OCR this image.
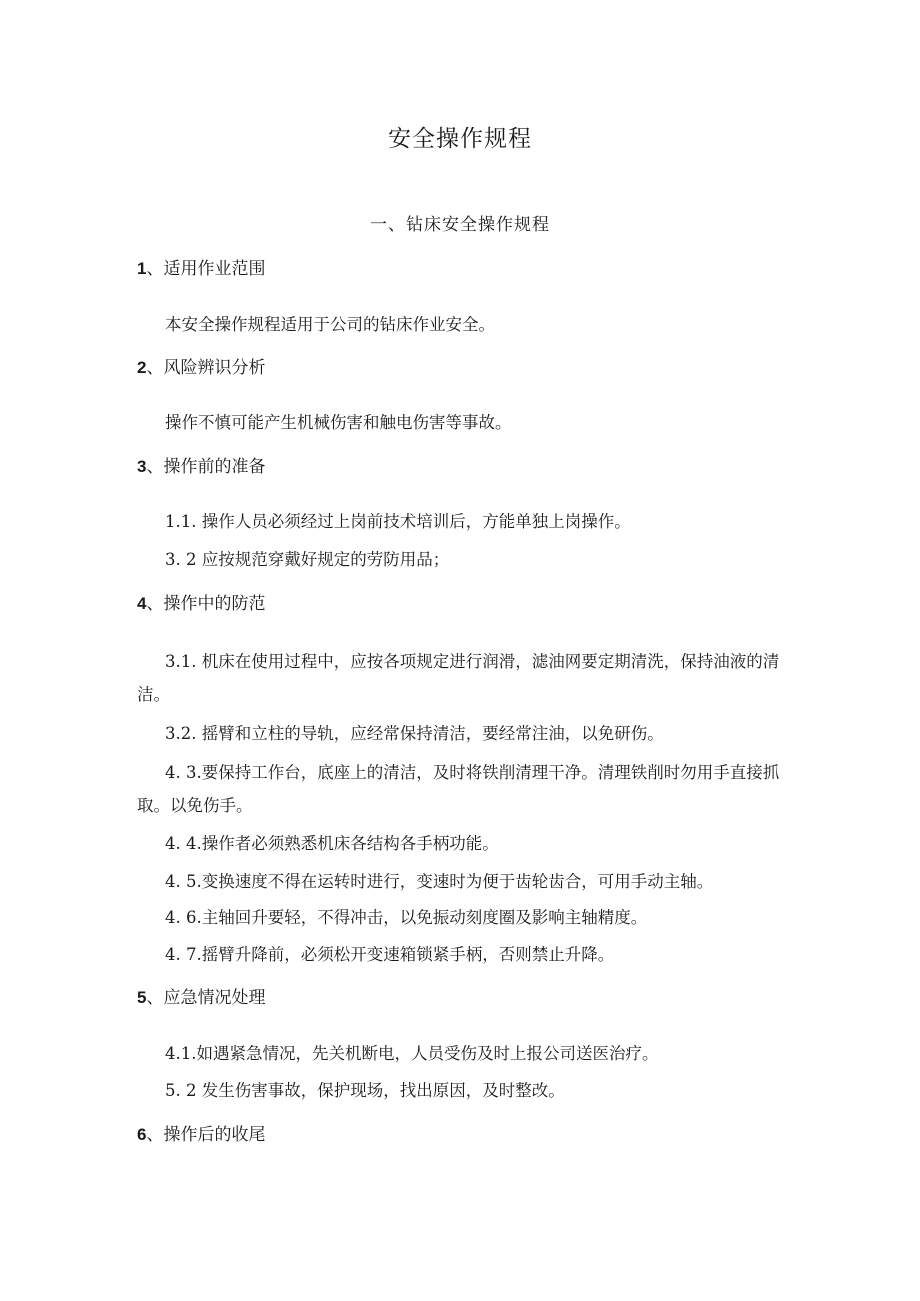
安全操作规程
一、钻床安全操作规程
1、适用作业范围
本安全操作规程适用于公司的钻床作业安全。
2、风险辨识分析
操作不慎可能产生机械伤害和触电伤害等事故。
3、操作前的准备
1.1. 操作人员必须经过上岗前技术培训后，方能单独上岗操作。
3. 2 应按规范穿戴好规定的劳防用品；
4、操作中的防范
3.1. 机床在使用过程中，应按各项规定进行润滑，滤油网要定期清洗，保持油液的清洁。
3.2. 摇臂和立柱的导轨，应经常保持清洁，要经常注油，以免研伤。
4. 3.要保持工作台，底座上的清洁，及时将铁削清理干净。清理铁削时勿用手直接抓取。以免伤手。
4. 4.操作者必须熟悉机床各结构各手柄功能。
4. 5.变换速度不得在运转时进行，变速时为便于齿轮齿合，可用手动主轴。
4. 6.主轴回升要轻，不得冲击，以免振动刻度圈及影响主轴精度。
4. 7.摇臂升降前，必须松开变速箱锁紧手柄，否则禁止升降。
5、应急情况处理
4.1.如遇紧急情况，先关机断电，人员受伤及时上报公司送医治疗。
5. 2 发生伤害事故，保护现场，找出原因，及时整改。
6、操作后的收尾
